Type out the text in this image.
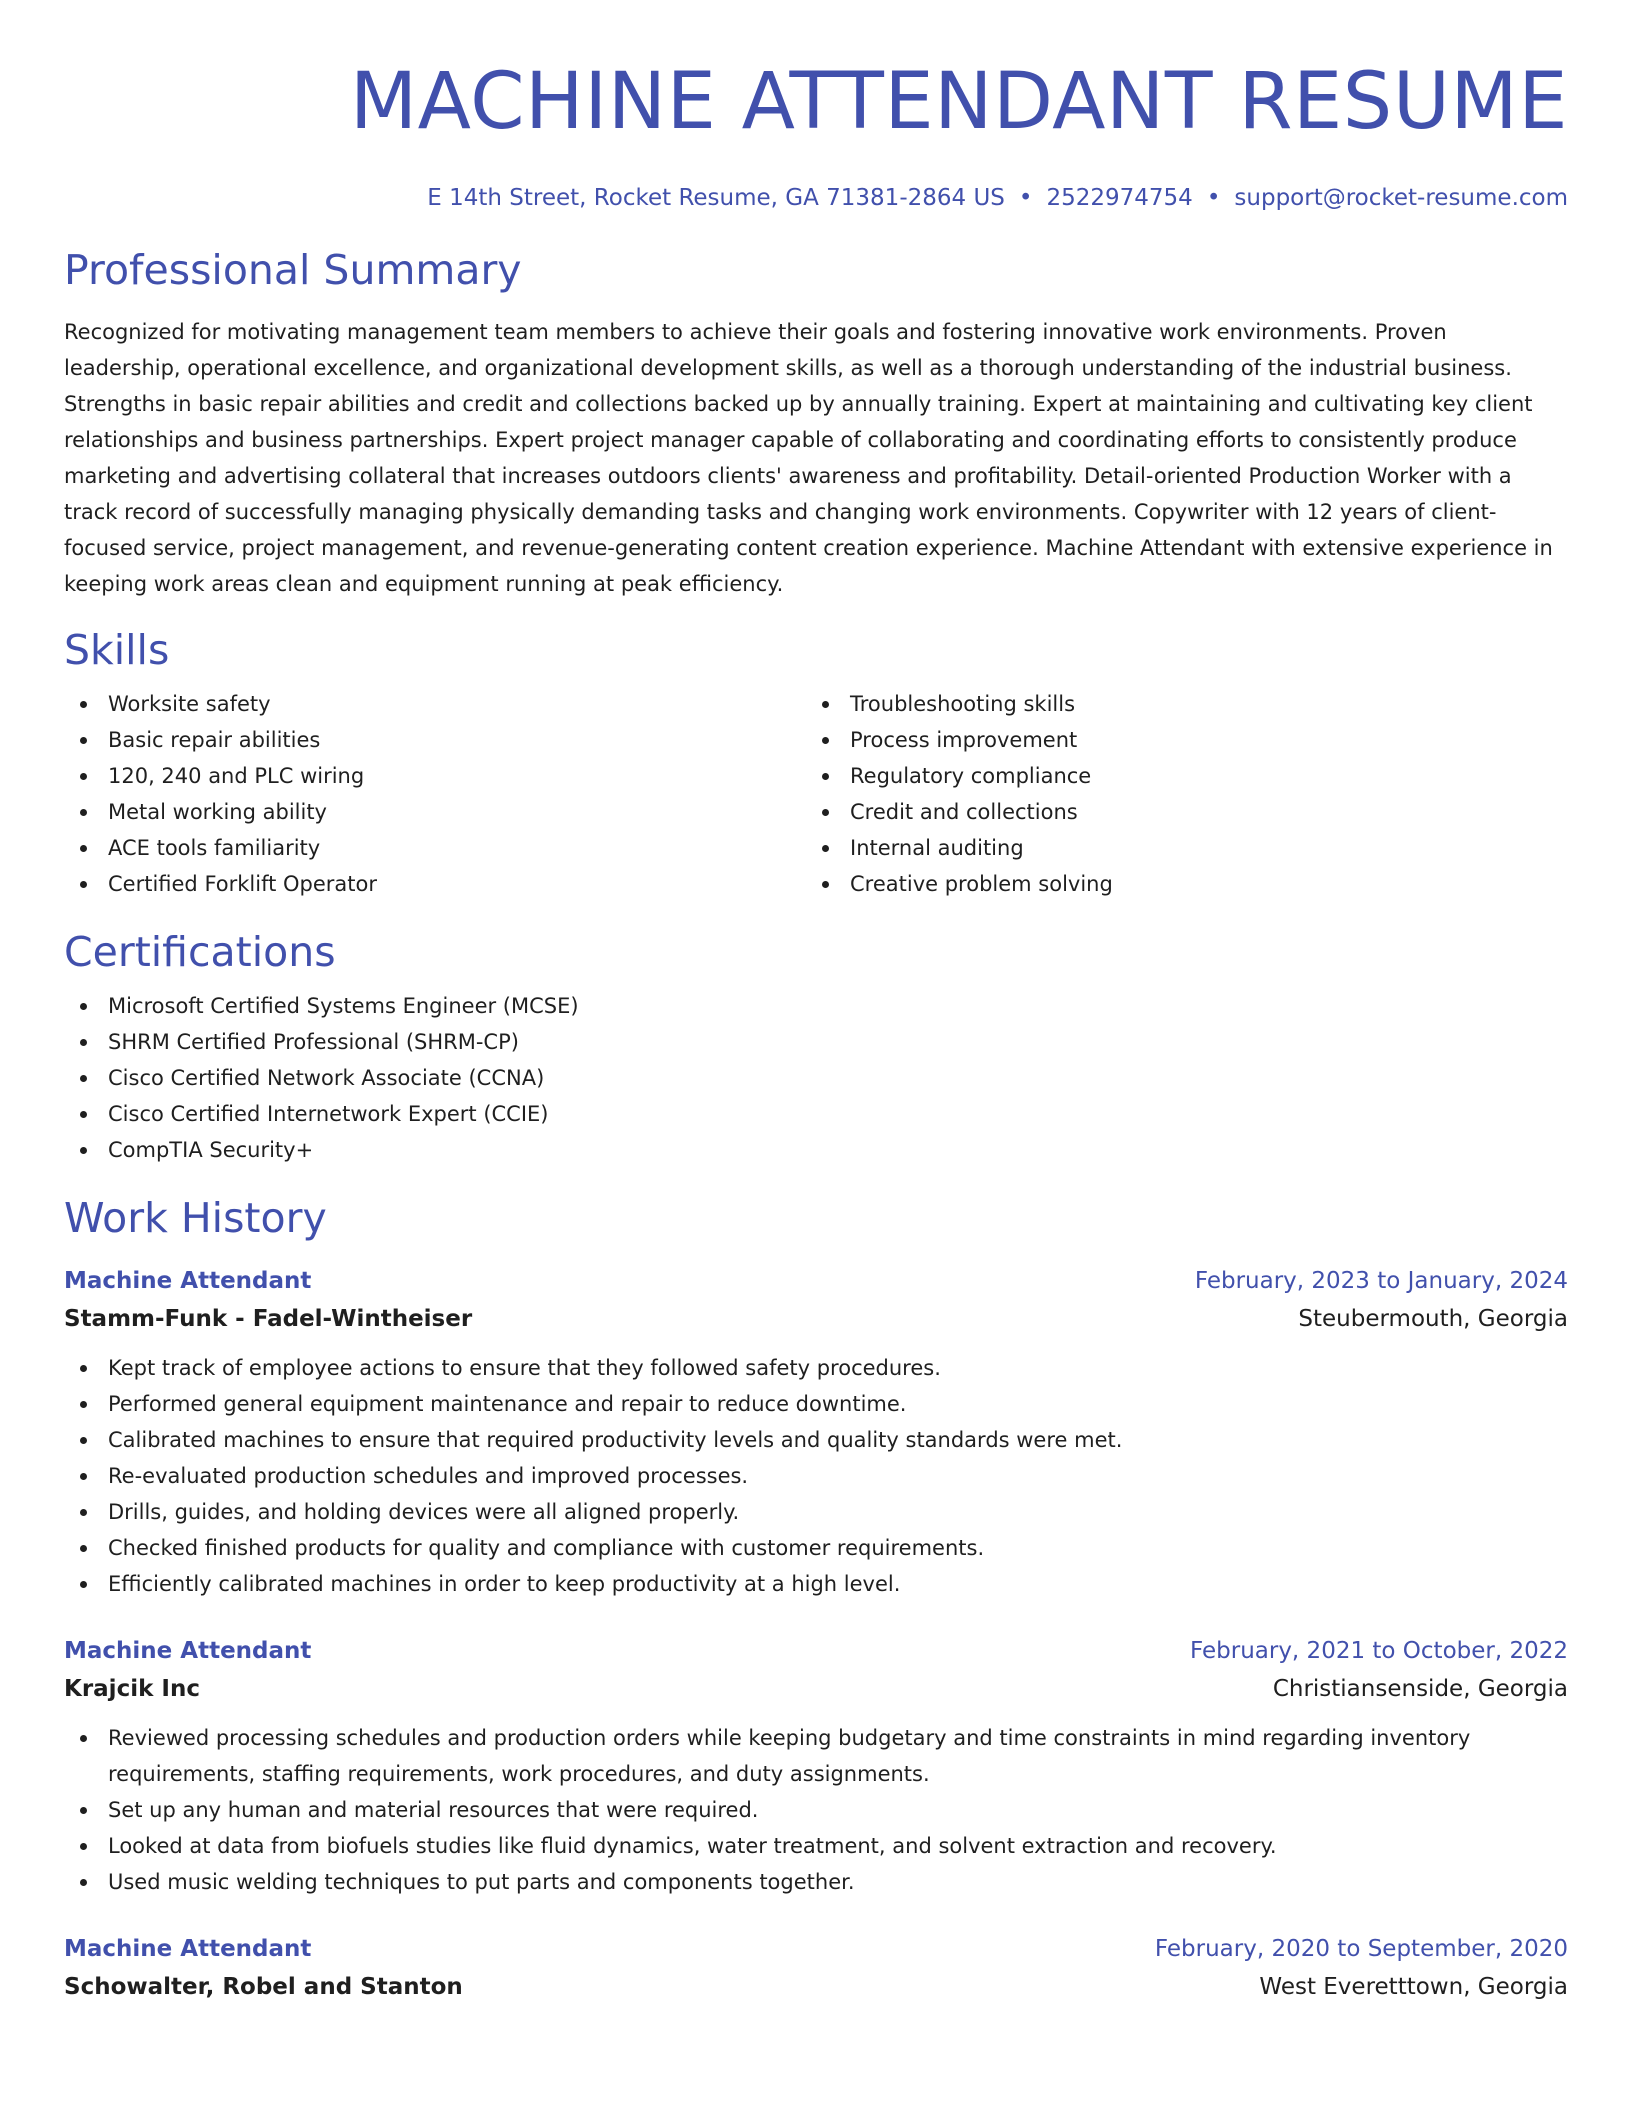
MACHINE ATTENDANT RESUME
E 14th Street, Rocket Resume, GA 71381-2864 US • 2522974754 • support@rocket-resume.com
Professional Summary
Recognized for motivating management team members to achieve their goals and fostering innovative work environments. Proven leadership, operational excellence, and organizational development skills, as well as a thorough understanding of the industrial business. Strengths in basic repair abilities and credit and collections backed up by annually training. Expert at maintaining and cultivating key client relationships and business partnerships. Expert project manager capable of collaborating and coordinating efforts to consistently produce marketing and advertising collateral that increases outdoors clients' awareness and profitability. Detail-oriented Production Worker with a track record of successfully managing physically demanding tasks and changing work environments. Copywriter with 12 years of client-focused service, project management, and revenue-generating content creation experience. Machine Attendant with extensive experience in keeping work areas clean and equipment running at peak efficiency.
Skills
Worksite safety
Basic repair abilities
120, 240 and PLC wiring
Metal working ability
ACE tools familiarity
Certified Forklift Operator
Troubleshooting skills
Process improvement
Regulatory compliance
Credit and collections
Internal auditing
Creative problem solving
Certifications
Microsoft Certified Systems Engineer (MCSE)
SHRM Certified Professional (SHRM-CP)
Cisco Certified Network Associate (CCNA)
Cisco Certified Internetwork Expert (CCIE)
CompTIA Security+
Work History
Machine Attendant	February, 2023 to January, 2024
Stamm-Funk - Fadel-Wintheiser	Steubermouth, Georgia
Kept track of employee actions to ensure that they followed safety procedures.
Performed general equipment maintenance and repair to reduce downtime.
Calibrated machines to ensure that required productivity levels and quality standards were met.
Re-evaluated production schedules and improved processes.
Drills, guides, and holding devices were all aligned properly.
Checked finished products for quality and compliance with customer requirements.
Efficiently calibrated machines in order to keep productivity at a high level.
Machine Attendant	February, 2021 to October, 2022
Krajcik Inc	Christiansenside, Georgia
Reviewed processing schedules and production orders while keeping budgetary and time constraints in mind regarding inventory requirements, staffing requirements, work procedures, and duty assignments.
Set up any human and material resources that were required.
Looked at data from biofuels studies like fluid dynamics, water treatment, and solvent extraction and recovery.
Used music welding techniques to put parts and components together.
Machine Attendant	February, 2020 to September, 2020
Schowalter, Robel and Stanton	West Everetttown, Georgia
